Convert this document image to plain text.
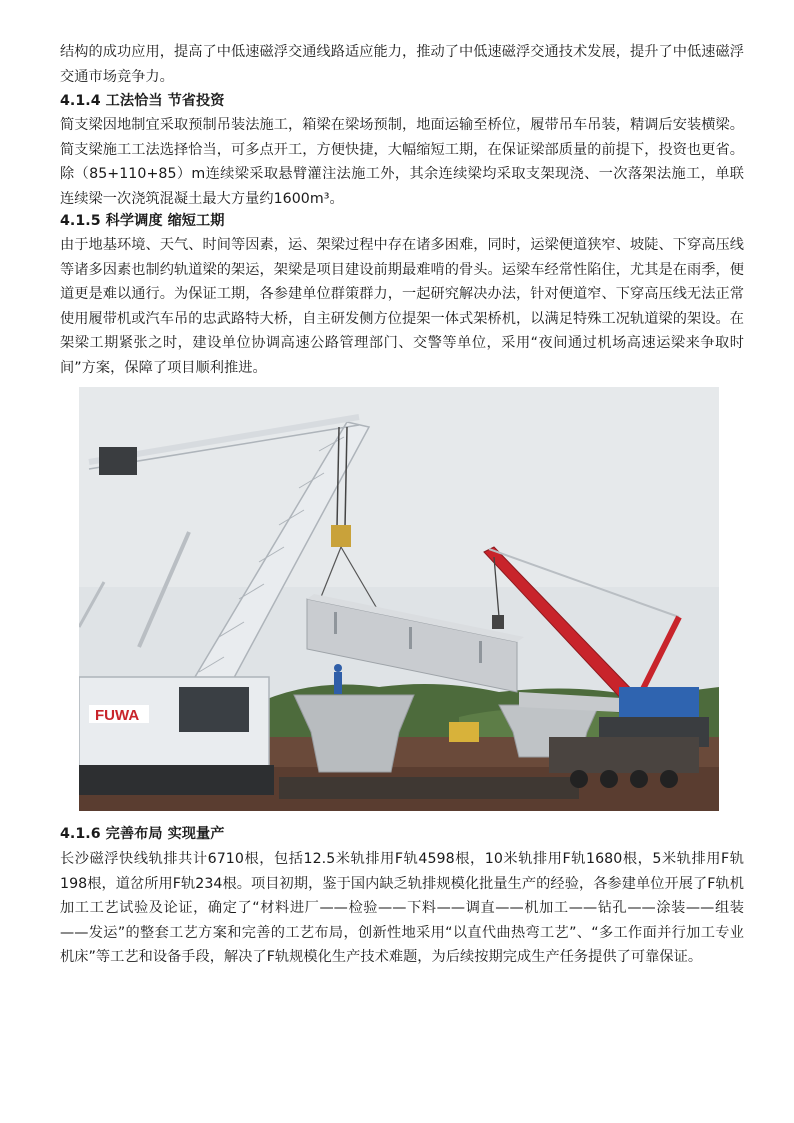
结构的成功应用，提高了中低速磁浮交通线路适应能力，推动了中低速磁浮交通技术发展，提升了中低速磁浮交通市场竞争力。

4.1.4 工法恰当 节省投资

简支梁因地制宜采取预制吊装法施工，箱梁在梁场预制，地面运输至桥位，履带吊车吊装，精调后安装横梁。简支梁施工工法选择恰当，可多点开工，方便快捷，大幅缩短工期，在保证梁部质量的前提下，投资也更省。除（85+110+85）m连续梁采取悬臂灌注法施工外，其余连续梁均采取支架现浇、一次落架法施工，单联连续梁一次浇筑混凝土最大方量约1600m³。

4.1.5 科学调度 缩短工期

由于地基环境、天气、时间等因素，运、架梁过程中存在诸多困难，同时，运梁便道狭窄、坡陡、下穿高压线等诸多因素也制约轨道梁的架运，架梁是项目建设前期最难啃的骨头。运梁车经常性陷住，尤其是在雨季，便道更是难以通行。为保证工期，各参建单位群策群力，一起研究解决办法，针对便道窄、下穿高压线无法正常使用履带机或汽车吊的忠武路特大桥，自主研发侧方位提架一体式架桥机，以满足特殊工况轨道梁的架设。在架梁工期紧张之时，建设单位协调高速公路管理部门、交警等单位，采用“夜间通过机场高速运梁来争取时间”方案，保障了项目顺利推进。

FUWA
4.1.6 完善布局 实现量产

长沙磁浮快线轨排共计6710根，包括12.5米轨排用F轨4598根，10米轨排用F轨1680根，5米轨排用F轨198根，道岔所用F轨234根。项目初期，鉴于国内缺乏轨排规模化批量生产的经验，各参建单位开展了F轨机加工工艺试验及论证，确定了“材料进厂——检验——下料——调直——机加工——钻孔——涂装——组装——发运”的整套工艺方案和完善的工艺布局，创新性地采用“以直代曲热弯工艺”、“多工作面并行加工专业机床”等工艺和设备手段，解决了F轨规模化生产技术难题，为后续按期完成生产任务提供了可靠保证。
